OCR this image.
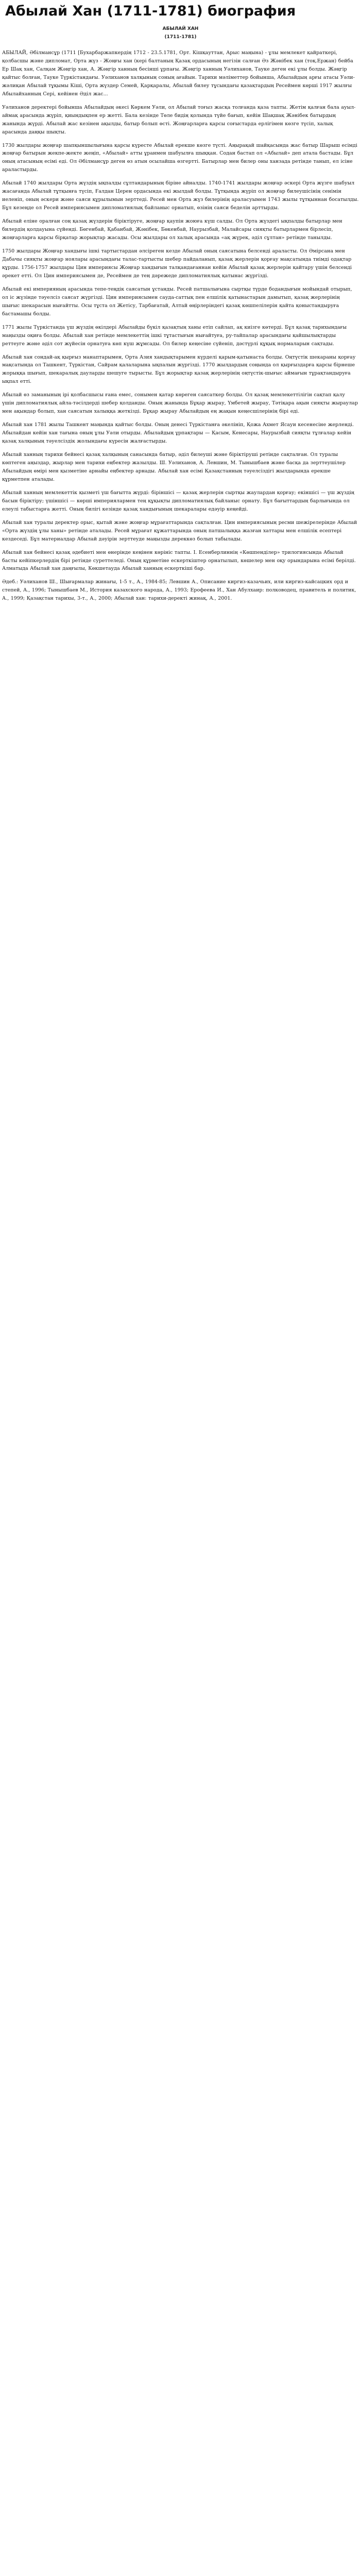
Абылай Хан (1711-1781) биография
АБЫЛАЙ ХАН
(1711-1781)

АБЫЛАЙ, Әбілмансұр (1711 [Бухарбаржапкердің 1712 - 23.5.1781, Орт. Кішқауттан, Арыс маңына) - ұлы мемлекет қайраткері, қолбасшы және дипломат, Орта жүз - Жоңғы хан (кері балтаның Қазақ ордасының негізін салған Әз Жәнібек хан (тоқ.Ержан) бейба Ер Шақ хан, Салқам Жәңгір хан, А. Жәңгір ханның бесінші ұрпағы. Жәңгір ханның Уәлиханов, Тауке деген екі ұлы болды. Жәңгір қайтыс болған, Тауке Түркістандағы. Уәлиханов халқының соның ағайын. Тарихи мәліметтер бойынша, Абылайдың арғы атасы Уәли-жәлиқан Абылай тұқымы Кіші, Орта жүздер Семей, Қарқаралы, Абылай билеу тұсындағы қазақтардың Ресеймен көрші 1917 жылғы Абылайханның Сері, кейінен Әділ жас...

Уәлиханов деректері бойынша Абылайдың әкесі Көркем Уәли, ол Абылай тоғыз жасқа толғанда қаза тапты. Жетім қалған бала ауыл-аймақ арасында жүріп, қиындықпен ер жетті. Бала кезінде Төле бидің қолында түйе бағып, кейін Шақшақ Жәнібек батырдың жанында жүрді. Абылай жас кезінен ақылды, батыр болып өсті. Жоңғарларға қарсы соғыстарда ерлігімен көзге түсіп, халық арасында даңқы шықты.

1730 жылдары жоңғар шапқыншылығына қарсы күресте Абылай ерекше көзге түсті. Аңырақай шайқасында жас батыр Шарыш есімді жоңғар батырын жекпе-жекте жеңіп, «Абылай» атты ұранмен шабуылға шыққан. Содан бастап ол «Абылай» деп атала бастады. Бұл оның атасының есімі еді. Ол Әбілмансұр деген өз атын осылайша өзгертті. Батырлар мен билер оны ханзада ретінде танып, ел ісіне араластырды.

Абылай 1740 жылдары Орта жүздің ықпалды сұлтандарының біріне айналды. 1740-1741 жылдары жоңғар әскері Орта жүзге шабуыл жасағанда Абылай тұтқынға түсіп, Ғалдан Церен ордасында екі жылдай болды. Тұтқында жүріп ол жоңғар билеушісінің сенімін иеленіп, оның әскери және саяси құрылымын зерттеді. Ресей мен Орта жүз билерінің араласуымен 1743 жылы тұтқыннан босатылды. Бұл кезеңде ол Ресей империясымен дипломатиялық байланыс орнатып, өзінің саяси беделін арттырды.

Абылай еліне оралған соң қазақ жүздерін біріктіруге, жоңғар қаупін жоюға күш салды. Ол Орта жүздегі ықпалды батырлар мен билердің қолдауына сүйенді. Бөгенбай, Қабанбай, Жәнібек, Бөкенбай, Наурызбай, Малайсары сияқты батырлармен бірлесіп, жоңғарларға қарсы бірқатар жорықтар жасады. Осы жылдары ол халық арасында «ақ жүрек, әділ сұлтан» ретінде танылды.

1750 жылдары Жоңғар хандығы ішкі тартыстардан әлсіреген кезде Абылай оның саясатына белсенді араласты. Ол Әмірсана мен Дабачы сияқты жоңғар ноялары арасындағы талас-тартысты шебер пайдаланып, қазақ жерлерін қорғау мақсатында тиімді одақтар құрды. 1756-1757 жылдары Цин империясы Жоңғар хандығын талқандағаннан кейін Абылай қазақ жерлерін қайтару үшін белсенді әрекет етті. Ол Цин империясымен де, Ресеймен де тең дәрежеде дипломатиялық қатынас жүргізді.

Абылай екі империяның арасында тепе-теңдік саясатын ұстанды. Ресей патшалығына сыртқы түрде бодандығын мойындай отырып, ол іс жүзінде тәуелсіз саясат жүргізді. Цин империясымен сауда-саттық пен елшілік қатынастарын дамытып, қазақ жерлерінің шығыс шекарасын нығайтты. Осы тұста ол Жетісу, Тарбағатай, Алтай өңірлеріндегі қазақ көшпелілерін қайта қоныстандыруға бастамашы болды.

1771 жылы Түркістанда үш жүздің өкілдері Абылайды бүкіл қазақтың ханы етіп сайлап, ақ киізге көтерді. Бұл қазақ тарихындағы маңызды оқиға болды. Абылай хан ретінде мемлекеттің ішкі тұтастығын нығайтуға, ру-тайпалар арасындағы қайшылықтарды реттеуге және әділ сот жүйесін орнатуға көп күш жұмсады. Ол билер кеңесіне сүйеніп, дәстүрлі құқық нормаларын сақтады.

Абылай хан сондай-ақ қырғыз манаптарымен, Орта Азия хандықтарымен күрделі қарым-қатынаста болды. Оңтүстік шекараны қорғау мақсатында ол Ташкент, Түркістан, Сайрам қалаларына ықпалын жүргізді. 1770 жылдардың соңында ол қырғыздарға қарсы бірнеше жорыққа шығып, шекаралық дауларды шешуге тырысты. Бұл жорықтар қазақ жерлерінің оңтүстік-шығыс аймағын тұрақтандыруға ықпал етті.

Абылай өз заманының ірі қолбасшысы ғана емес, сонымен қатар көреген саясаткер болды. Ол қазақ мемлекеттілігін сақтап қалу үшін дипломатиялық айла-тәсілдерді шебер қолданды. Оның жанында Бұқар жырау, Үмбетей жырау, Тәтіқара ақын сияқты жыраулар мен ақындар болып, хан саясатын халыққа жеткізді. Бұқар жырау Абылайдың ең жақын кеңесшілерінің бірі еді.

Абылай хан 1781 жылы Ташкент маңында қайтыс болды. Оның денесі Түркістанға әкелініп, Қожа Ахмет Ясауи кесенесіне жерленді. Абылайдан кейін хан тағына оның ұлы Уәли отырды. Абылайдың ұрпақтары — Қасым, Кенесары, Наурызбай сияқты тұлғалар кейін қазақ халқының тәуелсіздік жолындағы күресін жалғастырды.

Абылай ханның тарихи бейнесі қазақ халқының санасында батыр, әділ билеуші және біріктіруші ретінде сақталған. Ол туралы көптеген аңыздар, жырлар мен тарихи еңбектер жазылды. Ш. Уәлиханов, А. Левшин, М. Тынышбаев және басқа да зерттеушілер Абылайдың өмірі мен қызметіне арнайы еңбектер арнады. Абылай хан есімі Қазақстанның тәуелсіздігі жылдарында ерекше құрметпен аталады.

Абылай ханның мемлекеттік қызметі үш бағытта жүрді: біріншісі — қазақ жерлерін сыртқы жаулардан қорғау; екіншісі — үш жүздің басын біріктіру; үшіншісі — көрші империялармен тең құқықты дипломатиялық байланыс орнату. Бұл бағыттардың барлығында ол елеулі табыстарға жетті. Оның билігі кезінде қазақ хандығының шекаралары едәуір кеңейді.

Абылай хан туралы деректер орыс, қытай және жоңғар мұрағаттарында сақталған. Цин империясының ресми шежірелерінде Абылай «Орта жүздің ұлы ханы» ретінде аталады. Ресей мұрағат құжаттарында оның патшалыққа жазған хаттары мен елшілік есептері кездеседі. Бұл материалдар Абылай дәуірін зерттеуде маңызды дереккөз болып табылады.

Абылай хан бейнесі қазақ әдебиеті мен өнерінде кеңінен көрініс тапты. І. Есенберлиннің «Көшпенділер» трилогиясында Абылай басты кейіпкерлердің бірі ретінде суреттеледі. Оның құрметіне ескерткіштер орнатылып, көшелер мен оқу орындарына есімі берілді. Алматыда Абылай хан даңғылы, Көкшетауда Абылай ханның ескерткіші бар.

Әдеб.: Уәлиханов Ш., Шығармалар жинағы, 1-5 т., А., 1984-85; Левшин А., Описание киргиз-казачьих, или киргиз-кайсацких орд и степей, А., 1996; Тынышбаев М., История казахского народа, А., 1993; Ерофеева И., Хан Абулхаир: полководец, правитель и политик, А., 1999; Қазақстан тарихы, 3-т., А., 2000; Абылай хан: тарихи-деректі жинақ, А., 2001.
